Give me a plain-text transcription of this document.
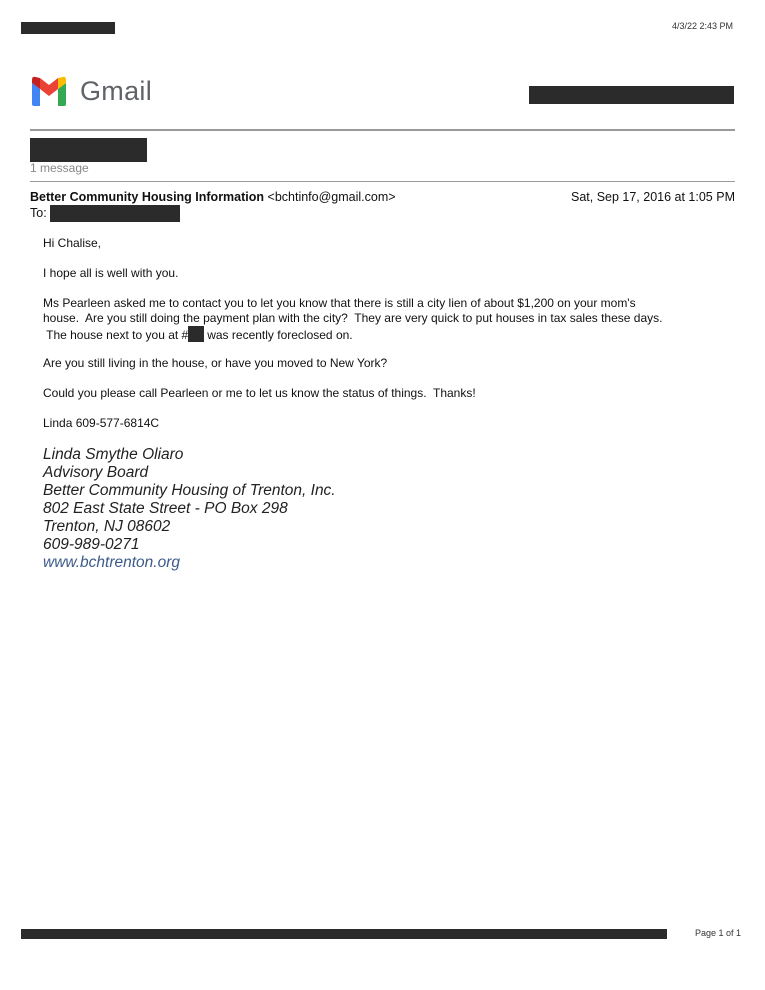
4/3/22 2:43 PM
Gmail
1 message
Better Community Housing Information <bchtinfo@gmail.com>	Sat, Sep 17, 2016 at 1:05 PM
To:
Hi Chalise,
I hope all is well with you.
Ms Pearleen asked me to contact you to let you know that there is still a city lien of about $1,200 on your mom's
house.  Are you still doing the payment plan with the city?  They are very quick to put houses in tax sales these days.
The house next to you at # was recently foreclosed on.
Are you still living in the house, or have you moved to New York?
Could you please call Pearleen or me to let us know the status of things.  Thanks!
Linda 609-577-6814C
Linda Smythe Oliaro
Advisory Board
Better Community Housing of Trenton, Inc.
802 East State Street - PO Box 298
Trenton, NJ 08602
609-989-0271
www.bchtrenton.org
Page 1 of 1
